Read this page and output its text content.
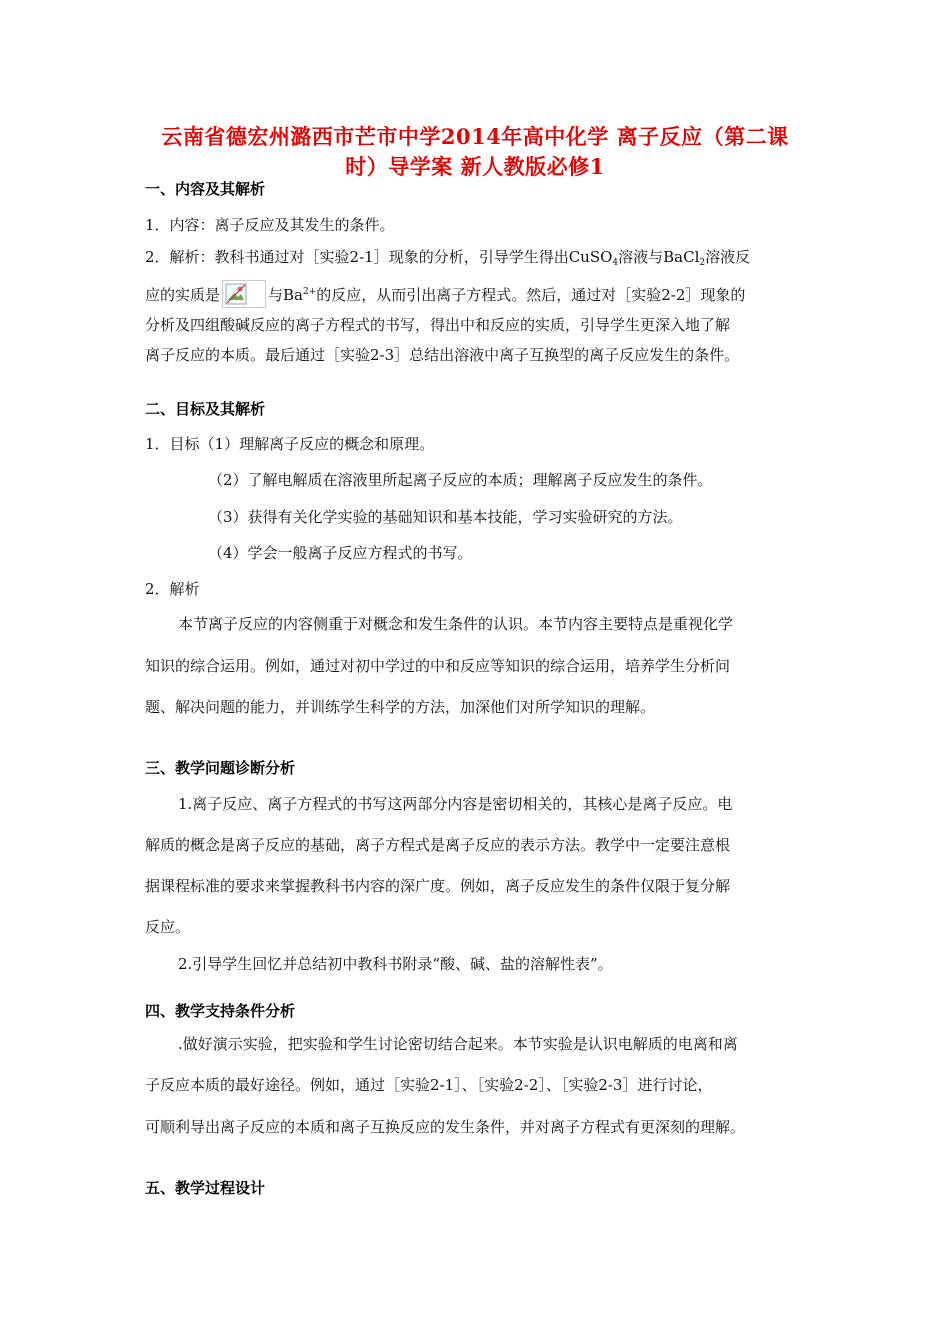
云南省德宏州潞西市芒市中学2014年高中化学 离子反应（第二课
时）导学案 新人教版必修1
一、内容及其解析
1．内容：离子反应及其发生的条件。
2．解析：教科书通过对［实验2-1］现象的分析，引导学生得出CuSO$_4$溶液与BaCl$_2$溶液反
应的实质是	与$Ba^{2+}$的反应，从而引出离子方程式。然后，通过对［实验2-2］现象的
分析及四组酸碱反应的离子方程式的书写，得出中和反应的实质，引导学生更深入地了解
离子反应的本质。最后通过［实验2-3］总结出溶液中离子互换型的离子反应发生的条件。
二、目标及其解析
1．目标（1）理解离子反应的概念和原理。
（2）了解电解质在溶液里所起离子反应的本质；理解离子反应发生的条件。
（3）获得有关化学实验的基础知识和基本技能，学习实验研究的方法。
（4）学会一般离子反应方程式的书写。
2．解析
本节离子反应的内容侧重于对概念和发生条件的认识。本节内容主要特点是重视化学
知识的综合运用。例如，通过对初中学过的中和反应等知识的综合运用，培养学生分析问
题、解决问题的能力，并训练学生科学的方法，加深他们对所学知识的理解。
三、教学问题诊断分析
1.离子反应、离子方程式的书写这两部分内容是密切相关的，其核心是离子反应。电
解质的概念是离子反应的基础，离子方程式是离子反应的表示方法。教学中一定要注意根
据课程标准的要求来掌握教科书内容的深广度。例如，离子反应发生的条件仅限于复分解
反应。
2.引导学生回忆并总结初中教科书附录“酸、碱、盐的溶解性表”。
四、教学支持条件分析
.做好演示实验，把实验和学生讨论密切结合起来。本节实验是认识电解质的电离和离
子反应本质的最好途径。例如，通过［实验2-1］、［实验2-2］、［实验2-3］进行讨论，
可顺利导出离子反应的本质和离子互换反应的发生条件，并对离子方程式有更深刻的理解。
五、教学过程设计
